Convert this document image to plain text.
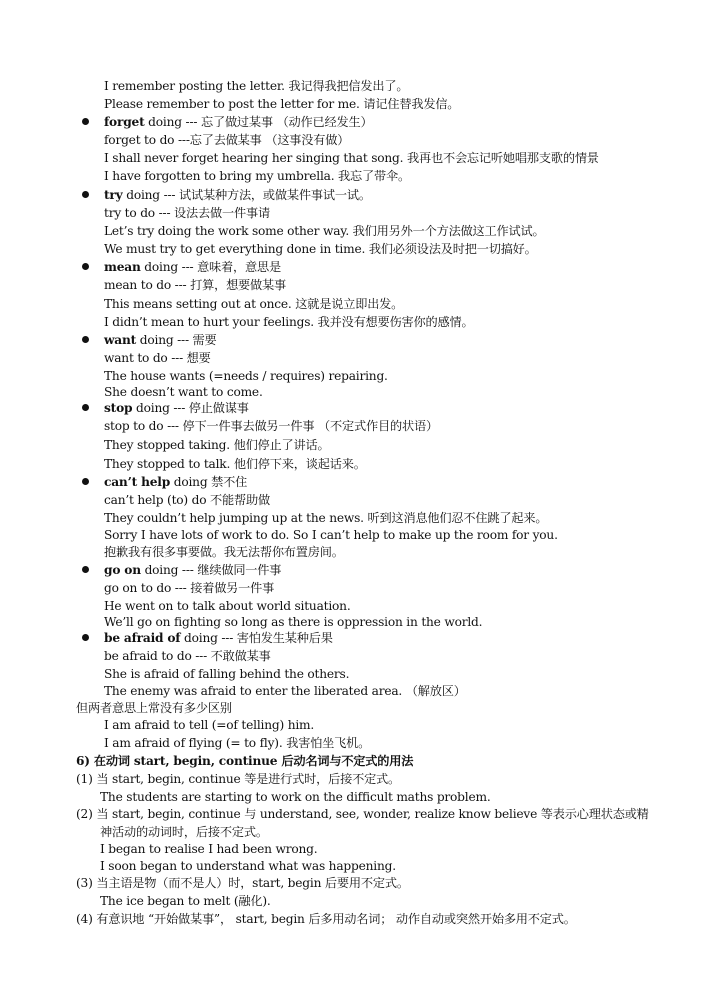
I remember posting the letter. 我记得我把信发出了。
Please remember to post the letter for me. 请记住替我发信。
forget doing --- 忘了做过某事 （动作已经发生）
forget to do ---忘了去做某事 （这事没有做）
I shall never forget hearing her singing that song. 我再也不会忘记听她唱那支歌的情景
I have forgotten to bring my umbrella. 我忘了带伞。
try doing --- 试试某种方法，或做某件事试一试。
try to do --- 设法去做一件事请
Let’s try doing the work some other way. 我们用另外一个方法做这工作试试。
We must try to get everything done in time. 我们必须设法及时把一切搞好。
mean doing --- 意味着，意思是
mean to do --- 打算，想要做某事
This means setting out at once. 这就是说立即出发。
I didn’t mean to hurt your feelings. 我并没有想要伤害你的感情。
want doing --- 需要
want to do --- 想要
The house wants (=needs / requires) repairing.
She doesn’t want to come.
stop doing --- 停止做谋事
stop to do --- 停下一件事去做另一件事 （不定式作目的状语）
They stopped taking. 他们停止了讲话。
They stopped to talk. 他们停下来，谈起话来。
can’t help doing 禁不住
can’t help (to) do 不能帮助做
They couldn’t help jumping up at the news. 听到这消息他们忍不住跳了起来。
Sorry I have lots of work to do. So I can’t help to make up the room for you.
抱歉我有很多事要做。我无法帮你布置房间。
go on doing --- 继续做同一件事
go on to do --- 接着做另一件事
He went on to talk about world situation.
We’ll go on fighting so long as there is oppression in the world.
be afraid of doing --- 害怕发生某种后果
be afraid to do --- 不敢做某事
She is afraid of falling behind the others.
The enemy was afraid to enter the liberated area. （解放区）
但两者意思上常没有多少区别
I am afraid to tell (=of telling) him.
I am afraid of flying (= to fly). 我害怕坐飞机。
6) 在动词 start, begin, continue 后动名词与不定式的用法
(1) 当 start, begin, continue 等是进行式时，后接不定式。
The students are starting to work on the difficult maths problem.
(2) 当 start, begin, continue 与 understand, see, wonder, realize know believe 等表示心理状态或精
神活动的动词时，后接不定式。
I began to realise I had been wrong.
I soon began to understand what was happening.
(3) 当主语是物（而不是人）时，start, begin 后要用不定式。
The ice began to melt (融化).
(4) 有意识地 “开始做某事”， start, begin 后多用动名词； 动作自动或突然开始多用不定式。
